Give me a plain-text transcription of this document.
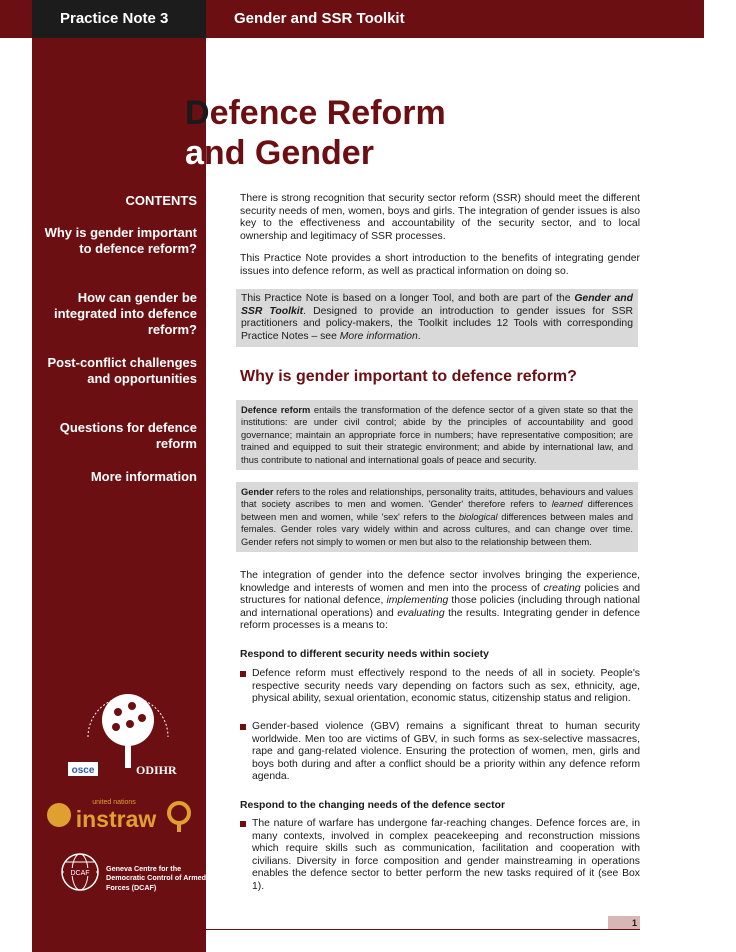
Practice Note 3	Gender and SSR Toolkit
Defence Reform
and Gender
CONTENTS
Why is gender important to defence reform?
How can gender be integrated into defence reform?
Post-conflict challenges and opportunities
Questions for defence reform
More information
osce	ODIHR
united nations
instraw
DCAF
Geneva Centre for the Democratic Control of Armed Forces (DCAF)
There is strong recognition that security sector reform (SSR) should meet the different security needs of men, women, boys and girls. The integration of gender issues is also key to the effectiveness and accountability of the security sector, and to local ownership and legitimacy of SSR processes.
This Practice Note provides a short introduction to the benefits of integrating gender issues into defence reform, as well as practical information on doing so.
This Practice Note is based on a longer Tool, and both are part of the Gender and SSR Toolkit. Designed to provide an introduction to gender issues for SSR practitioners and policy-makers, the Toolkit includes 12 Tools with corresponding Practice Notes – see More information.
Why is gender important to defence reform?
Defence reform entails the transformation of the defence sector of a given state so that the institutions: are under civil control; abide by the principles of accountability and good governance; maintain an appropriate force in numbers; have representative composition; are trained and equipped to suit their strategic environment; and abide by international law, and thus contribute to national and international goals of peace and security.
Gender refers to the roles and relationships, personality traits, attitudes, behaviours and values that society ascribes to men and women. 'Gender' therefore refers to learned differences between men and women, while 'sex' refers to the biological differences between males and females. Gender roles vary widely within and across cultures, and can change over time. Gender refers not simply to women or men but also to the relationship between them.
The integration of gender into the defence sector involves bringing the experience, knowledge and interests of women and men into the process of creating policies and structures for national defence, implementing those policies (including through national and international operations) and evaluating the results. Integrating gender in defence reform processes is a means to:
Respond to different security needs within society
Defence reform must effectively respond to the needs of all in society. People's respective security needs vary depending on factors such as sex, ethnicity, age, physical ability, sexual orientation, economic status, citizenship status and religion.
Gender-based violence (GBV) remains a significant threat to human security worldwide. Men too are victims of GBV, in such forms as sex-selective massacres, rape and gang-related violence. Ensuring the protection of women, men, girls and boys both during and after a conflict should be a priority within any defence reform agenda.
Respond to the changing needs of the defence sector
The nature of warfare has undergone far-reaching changes. Defence forces are, in many contexts, involved in complex peacekeeping and reconstruction missions which require skills such as communication, facilitation and cooperation with civilians. Diversity in force composition and gender mainstreaming in operations enables the defence sector to better perform the new tasks required of it (see Box 1).
1
